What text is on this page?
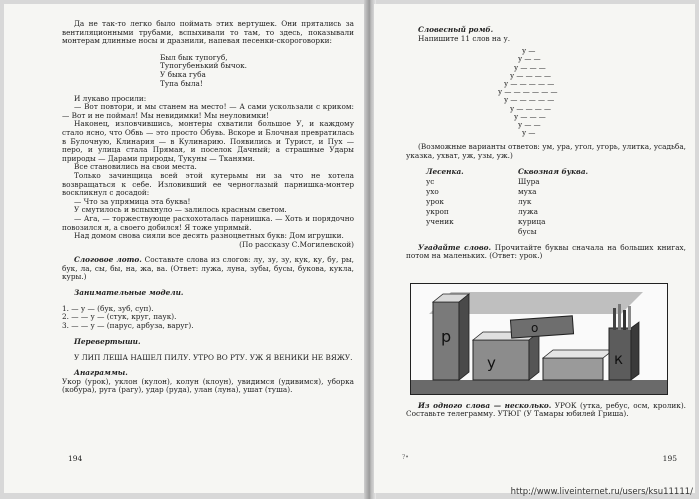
Да не так-то легко было поймать этих вертушек. Они прятались за вентиляционными трубами, вспыхивали то там, то здесь, показывали монтерам длинные носы и дразнили, напевая песенки-скороговорки:

Был бык тупогуб,
Тупогубенький бычок.
У быка губа
Тупа была!

И лукаво просили:

— Вот повтори, и мы станем на место! — А сами ускользали с криком: — Вот и не поймал! Мы невидимки! Мы неуловимки!

Наконец, изловчившись, монтеры схватили большое У, и каждому стало ясно, что Обвь — это просто Обувь. Вскоре и Блочная превратилась в Булочную, Клинария — в Кулинарию. Появились и Турист, и Пух — перо, и улица стала Прямая, и поселок Дачный; а страшные Удары природы — Дарами природы, Тукуны — Тканями.

Все становились на свои места.

Только зачинщица всей этой кутерьмы ни за что не хотела возвращаться к себе. Изловивший ее черноглазый парнишка-монтер воскликнул с досадой:

— Что за упрямица эта буква!

У смутилось и вспыхнуло — залилось красным светом.

— Ага, — торжествующе расхохоталась парнишка. — Хоть и порядочно повозился я, а своего добился! Я тоже упрямый.

Над домом снова сияли все десять разноцветных букв: Дом игрушки.

(По рассказу С.Могилевской)

Слоговое лото. Составьте слова из слогов: лу, зу, зу, кук, ку, бу, ры, бук, ла, сы, бы, на, жа, ва. (Ответ: лужа, луна, зубы, бусы, букова, куклa, куры.)

Занимательные модели.

1. — у — (бук, зуб, суп).
2. — — у — (стук, круг, паук).
3. — — у — (парус, арбуза, варуг).

Перевертыши.

У ЛИП ЛЕША НАШЕЛ ПИЛУ. УТРО ВО РТУ. УЖ Я ВЕНИКИ НЕ ВЯЖУ.

Анаграммы.

Укор (урок), уклон (кулон), колун (клоун), увидимся (удивимся), уборка (кобура), руга (рагу), удар (руда), улан (луна), ушат (туша).

194

Словесный ромб.

Напишите 11 слов на у.

у —
у — —
у — — —
у — — — —
у — — — — —
у — — — — — —
у — — — — —
у — — — —
у — — —
у — —
у —

(Возможные варианты ответов: ум, ура, угол, угорь, улитка, усадьба, указка, ухват, уж, узы, уж.)

Лесенка.	Сквозная буква.
ус	Шура
ухо	муха
урок	лук
укроп	лужа
ученик	курица
	бусы

Угадайте слово. Прочитайте буквы сначала на больших книгах, потом на маленьких. (Ответ: урок.)

р
у
о
к

Из одного слова — несколько. УРОК (утка, ребус, осм, кролик). Составьте телеграмму. УТЮГ (У Тамары юбилей Гриша).

?•	195
http://www.liveinternet.ru/users/ksu11111/
